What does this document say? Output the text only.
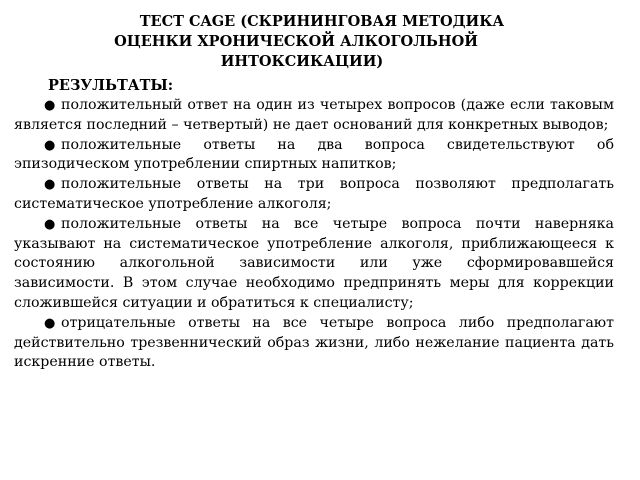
ТЕСТ CAGE (СКРИНИНГОВАЯ МЕТОДИКА
ОЦЕНКИ ХРОНИЧЕСКОЙ АЛКОГОЛЬНОЙ
ИНТОКСИКАЦИИ)
РЕЗУЛЬТАТЫ:

● положительный ответ на один из четырех вопросов (даже если таковым является последний – четвертый) не дает оснований для конкретных выводов;

● положительные ответы на два вопроса свидетельствуют об эпизодическом употреблении спиртных напитков;

● положительные ответы на три вопроса позволяют предполагать систематическое употребление алкоголя;

● положительные ответы на все четыре вопроса почти наверняка указывают на систематическое употребление алкоголя, приближающееся к состоянию алкогольной зависимости или уже сформировавшейся зависимости. В этом случае необходимо предпринять меры для коррекции сложившейся ситуации и обратиться к специалисту;

● отрицательные ответы на все четыре вопроса либо предполагают действительно трезвеннический образ жизни, либо нежелание пациента дать искренние ответы.
